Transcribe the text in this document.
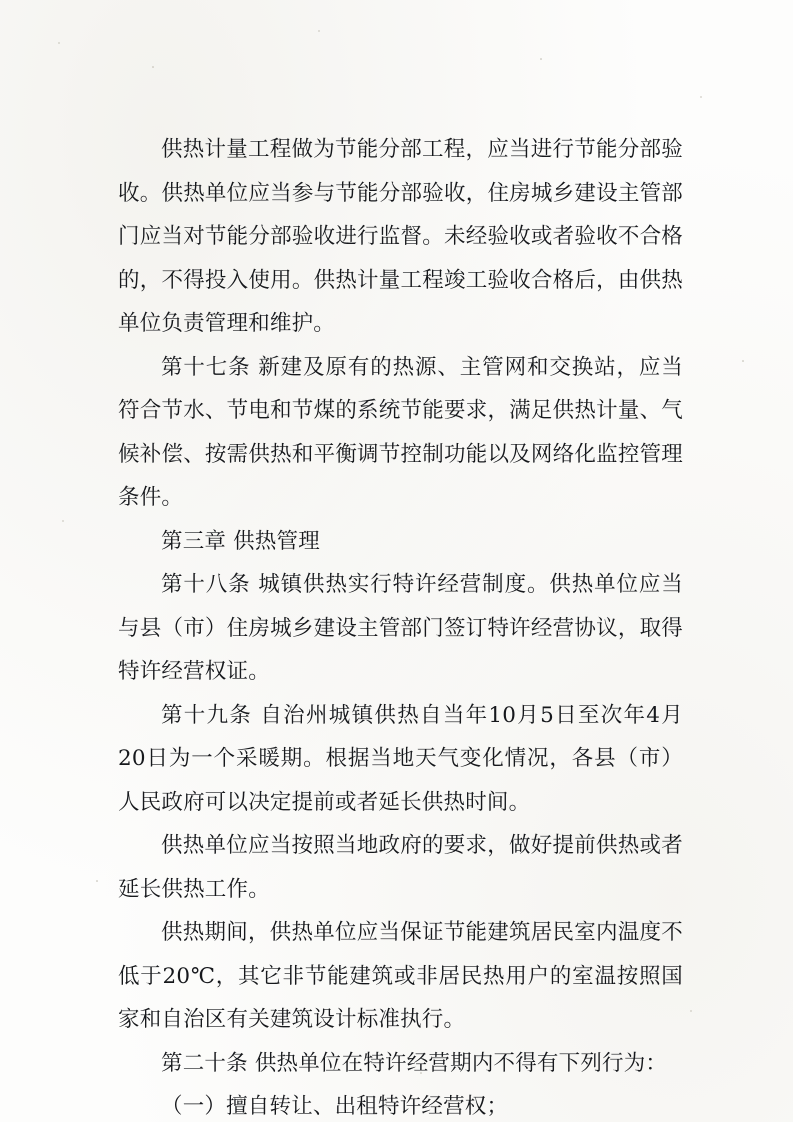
供热计量工程做为节能分部工程，应当进行节能分部验收。供热单位应当参与节能分部验收，住房城乡建设主管部门应当对节能分部验收进行监督。未经验收或者验收不合格的，不得投入使用。供热计量工程竣工验收合格后，由供热单位负责管理和维护。

第十七条 新建及原有的热源、主管网和交换站，应当符合节水、节电和节煤的系统节能要求，满足供热计量、气候补偿、按需供热和平衡调节控制功能以及网络化监控管理条件。

第三章 供热管理

第十八条 城镇供热实行特许经营制度。供热单位应当与县（市）住房城乡建设主管部门签订特许经营协议，取得特许经营权证。

第十九条 自治州城镇供热自当年10月5日至次年4月20日为一个采暖期。根据当地天气变化情况，各县（市）人民政府可以决定提前或者延长供热时间。

供热单位应当按照当地政府的要求，做好提前供热或者延长供热工作。

供热期间，供热单位应当保证节能建筑居民室内温度不低于20℃，其它非节能建筑或非居民热用户的室温按照国家和自治区有关建筑设计标准执行。

第二十条 供热单位在特许经营期内不得有下列行为：

（一）擅自转让、出租特许经营权；
